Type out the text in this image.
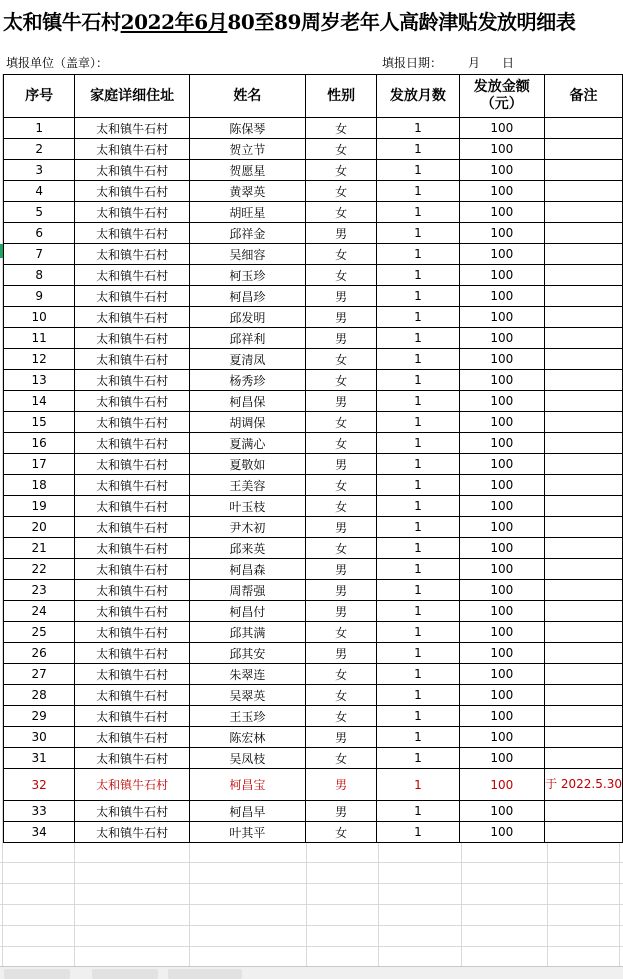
太和镇牛石村2022年6月80至89周岁老年人高龄津贴发放明细表
填报单位（盖章）：	填报日期： 月 日
序号	家庭详细住址	姓名	性别	发放月数	发放金额（元）	备注
1	太和镇牛石村	陈保琴	女	1	100	
2	太和镇牛石村	贺立节	女	1	100	
3	太和镇牛石村	贺愿星	女	1	100	
4	太和镇牛石村	黄翠英	女	1	100	
5	太和镇牛石村	胡旺星	女	1	100	
6	太和镇牛石村	邱祥金	男	1	100	
7	太和镇牛石村	吴细容	女	1	100	
8	太和镇牛石村	柯玉珍	女	1	100	
9	太和镇牛石村	柯昌珍	男	1	100	
10	太和镇牛石村	邱发明	男	1	100	
11	太和镇牛石村	邱祥利	男	1	100	
12	太和镇牛石村	夏清凤	女	1	100	
13	太和镇牛石村	杨秀珍	女	1	100	
14	太和镇牛石村	柯昌保	男	1	100	
15	太和镇牛石村	胡调保	女	1	100	
16	太和镇牛石村	夏满心	女	1	100	
17	太和镇牛石村	夏敬如	男	1	100	
18	太和镇牛石村	王美容	女	1	100	
19	太和镇牛石村	叶玉枝	女	1	100	
20	太和镇牛石村	尹木初	男	1	100	
21	太和镇牛石村	邱来英	女	1	100	
22	太和镇牛石村	柯昌森	男	1	100	
23	太和镇牛石村	周帮强	男	1	100	
24	太和镇牛石村	柯昌付	男	1	100	
25	太和镇牛石村	邱其满	女	1	100	
26	太和镇牛石村	邱其安	男	1	100	
27	太和镇牛石村	朱翠连	女	1	100	
28	太和镇牛石村	吴翠英	女	1	100	
29	太和镇牛石村	王玉珍	女	1	100	
30	太和镇牛石村	陈宏林	男	1	100	
31	太和镇牛石村	吴凤枝	女	1	100	
32	太和镇牛石村	柯昌宝	男	1	100	于 2022.5.30
33	太和镇牛石村	柯昌早	男	1	100	
34	太和镇牛石村	叶其平	女	1	100	
